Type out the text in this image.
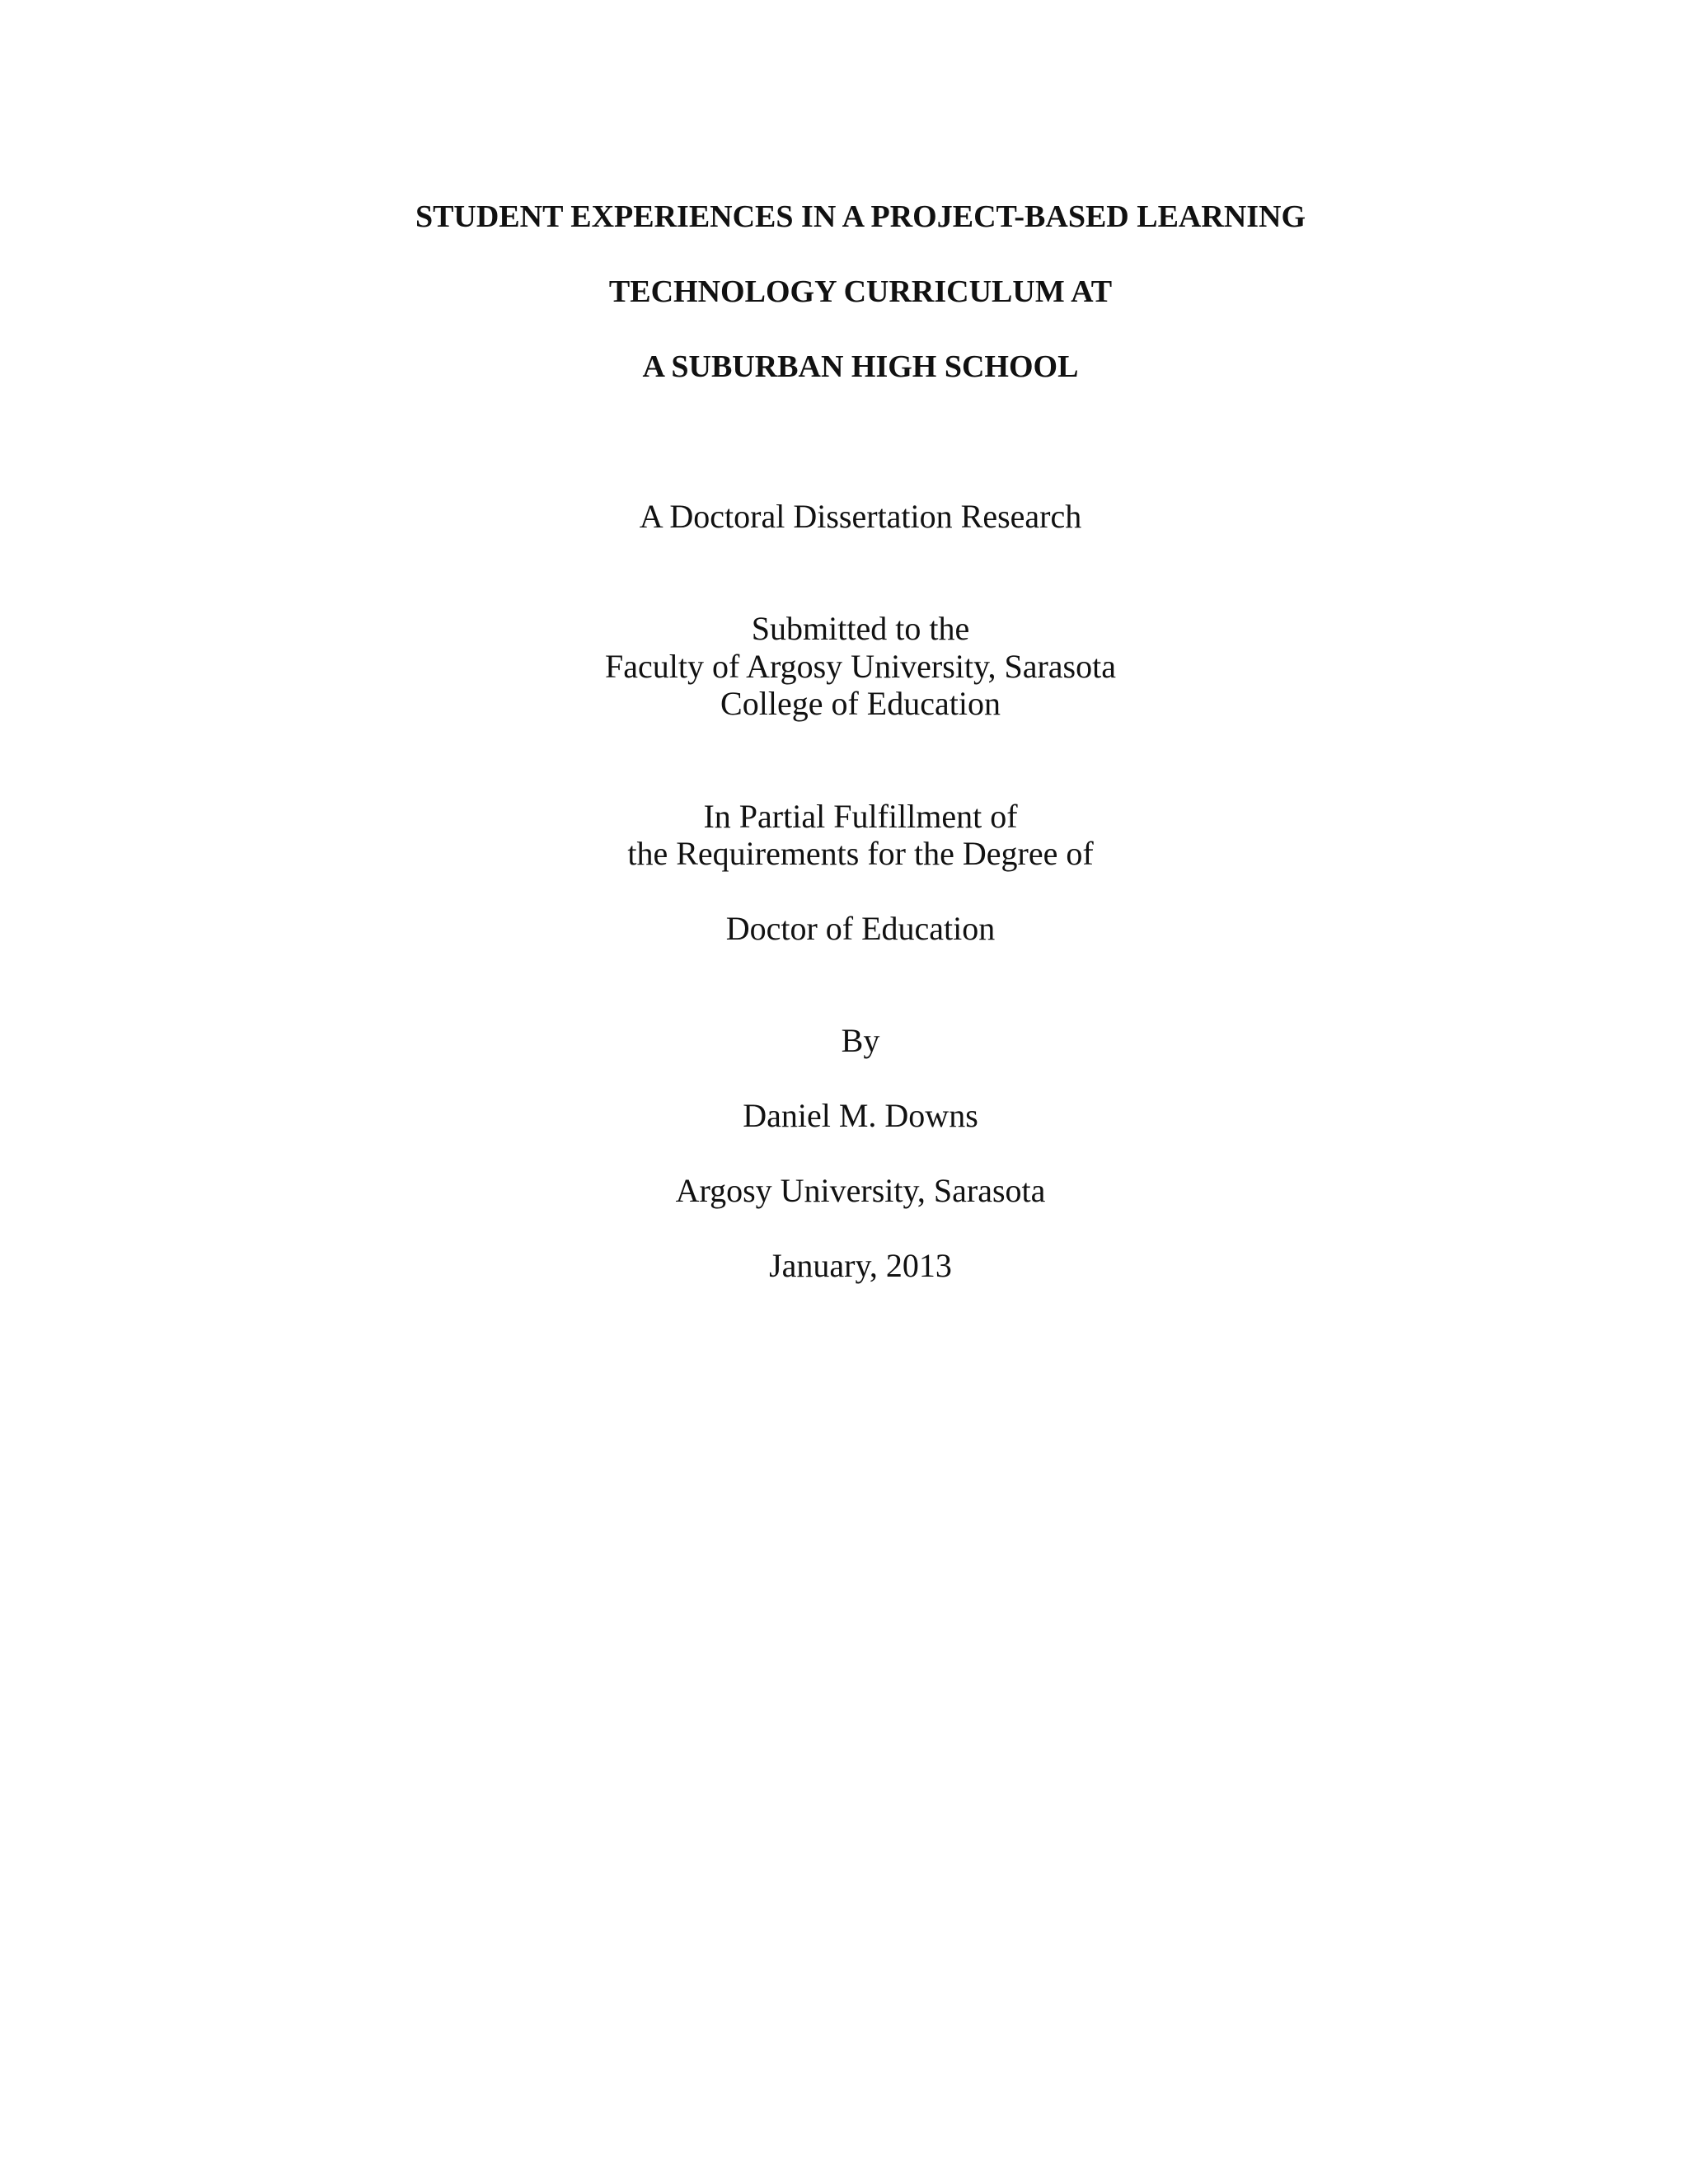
STUDENT EXPERIENCES IN A PROJECT-BASED LEARNING
TECHNOLOGY CURRICULUM AT
A SUBURBAN HIGH SCHOOL
A Doctoral Dissertation Research
Submitted to the
Faculty of Argosy University, Sarasota
College of Education
In Partial Fulfillment of
the Requirements for the Degree of
Doctor of Education
By
Daniel M. Downs
Argosy University, Sarasota
January, 2013
